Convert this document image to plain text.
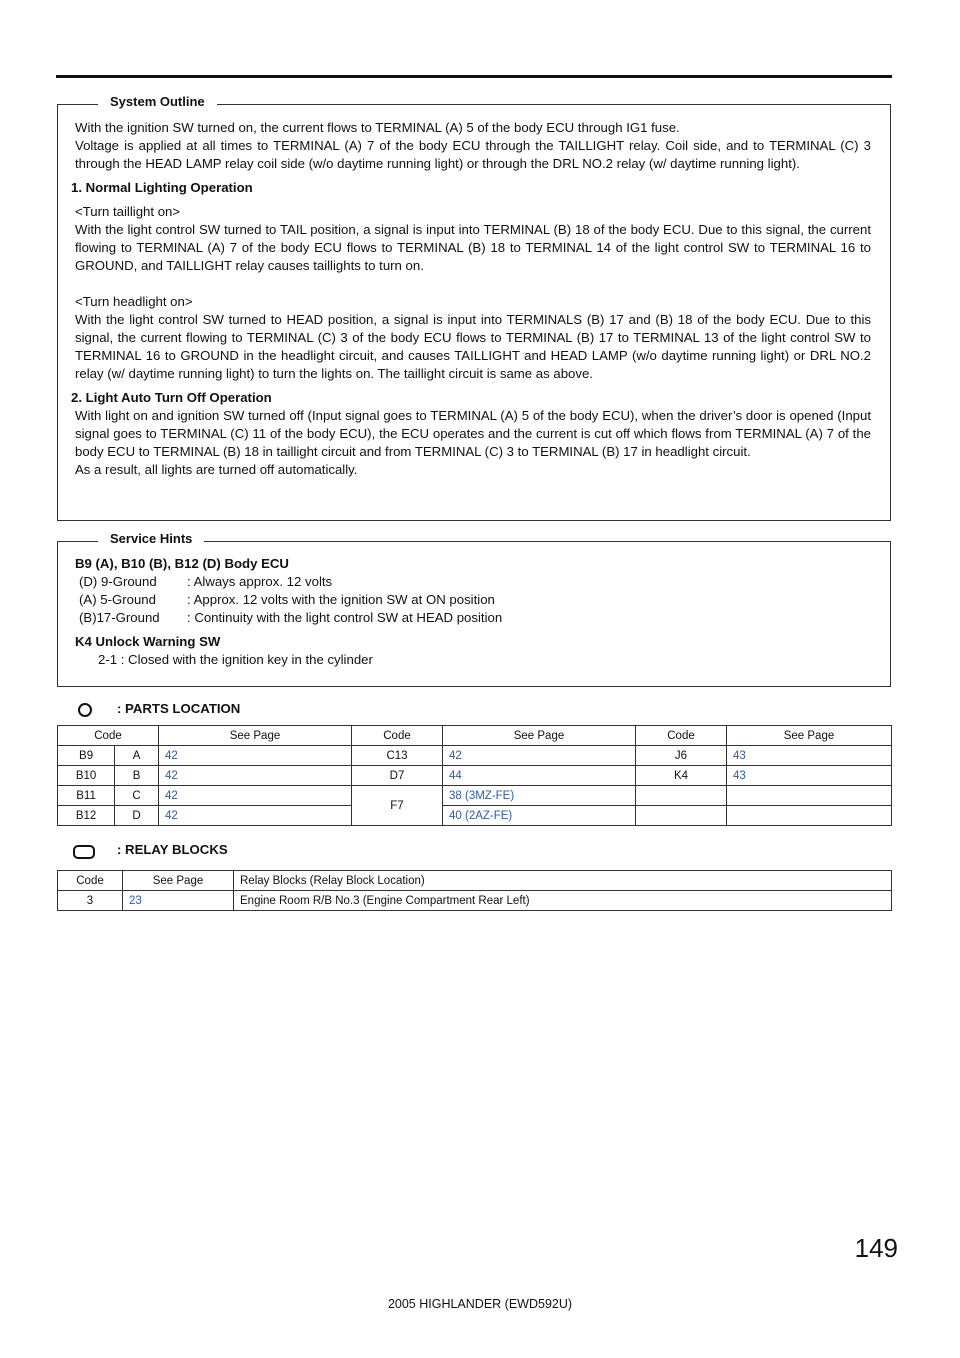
System Outline
With the ignition SW turned on, the current flows to TERMINAL (A) 5 of the body ECU through IG1 fuse.
Voltage is applied at all times to TERMINAL (A) 7 of the body ECU through the TAILLIGHT relay. Coil side, and to TERMINAL (C) 3 through the HEAD LAMP relay coil side (w/o daytime running light) or through the DRL NO.2 relay (w/ daytime running light).
1. Normal Lighting Operation
<Turn taillight on>
With the light control SW turned to TAIL position, a signal is input into TERMINAL (B) 18 of the body ECU. Due to this signal, the current flowing to TERMINAL (A) 7 of the body ECU flows to TERMINAL (B) 18 to TERMINAL 14 of the light control SW to TERMINAL 16 to GROUND, and TAILLIGHT relay causes taillights to turn on.
<Turn headlight on>
With the light control SW turned to HEAD position, a signal is input into TERMINALS (B) 17 and (B) 18 of the body ECU. Due to this signal, the current flowing to TERMINAL (C) 3 of the body ECU flows to TERMINAL (B) 17 to TERMINAL 13 of the light control SW to TERMINAL 16 to GROUND in the headlight circuit, and causes TAILLIGHT and HEAD LAMP (w/o daytime running light) or DRL NO.2 relay (w/ daytime running light) to turn the lights on. The taillight circuit is same as above.
2. Light Auto Turn Off Operation
With light on and ignition SW turned off (Input signal goes to TERMINAL (A) 5 of the body ECU), when the driver’s door is opened (Input signal goes to TERMINAL (C) 11 of the body ECU), the ECU operates and the current is cut off which flows from TERMINAL (A) 7 of the body ECU to TERMINAL (B) 18 in taillight circuit and from TERMINAL (C) 3 to TERMINAL (B) 17 in headlight circuit.
As a result, all lights are turned off automatically.
Service Hints
B9 (A), B10 (B), B12 (D) Body ECU
(D) 9-Ground	: Always approx. 12 volts
(A) 5-Ground	: Approx. 12 volts with the ignition SW at ON position
(B)17-Ground	: Continuity with the light control SW at HEAD position
K4 Unlock Warning SW
2-1 : Closed with the ignition key in the cylinder
: PARTS LOCATION
Code		See Page	Code	See Page	Code	See Page
B9	A	42	C13	42	J6	43
B10	B	42	D7	44	K4	43
B11	C	42	F7	38 (3MZ-FE)		
B12	D	42		40 (2AZ-FE)		
: RELAY BLOCKS
Code	See Page	Relay Blocks (Relay Block Location)
3	23	Engine Room R/B No.3 (Engine Compartment Rear Left)
149
2005 HIGHLANDER (EWD592U)
